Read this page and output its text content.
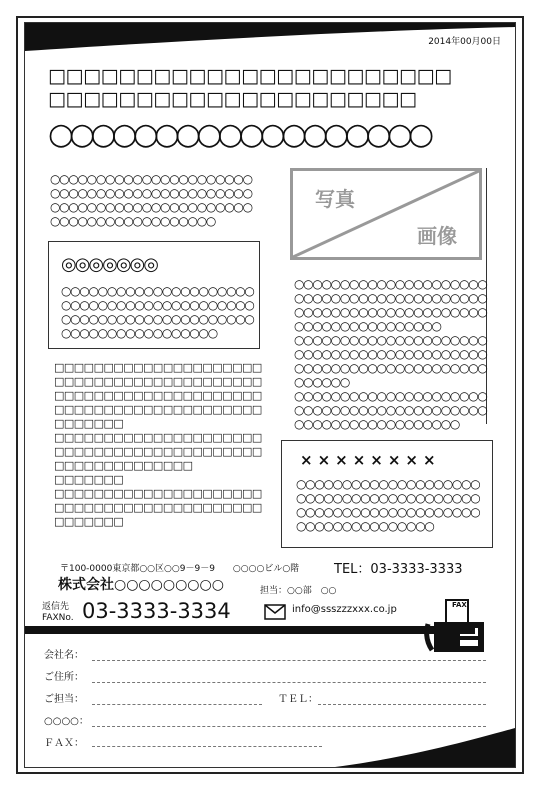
2014年00月00日
□□□□□□□□□□□□□□□□□□□□□□□
□□□□□□□□□□□□□□□□□□□□□
○○○○○○○○○○○○○○○○○○
○○○○○○○○○○○○○○○○○○○○○○
○○○○○○○○○○○○○○○○○○○○○○
○○○○○○○○○○○○○○○○○○○○○○
○○○○○○○○○○○○○○○○○○
◎◎◎◎◎◎◎
○○○○○○○○○○○○○○○○○○○○○
○○○○○○○○○○○○○○○○○○○○○
○○○○○○○○○○○○○○○○○○○○○
○○○○○○○○○○○○○○○○○
□□□□□□□□□□□□□□□□□□□□□
□□□□□□□□□□□□□□□□□□□□□
□□□□□□□□□□□□□□□□□□□□□
□□□□□□□□□□□□□□□□□□□□□
□□□□□□□
□□□□□□□□□□□□□□□□□□□□□
□□□□□□□□□□□□□□□□□□□□□
□□□□□□□□□□□□□□
□□□□□□□
□□□□□□□□□□□□□□□□□□□□□
□□□□□□□□□□□□□□□□□□□□□
□□□□□□□
写真
画像
○○○○○○○○○○○○○○○○○○○○○
○○○○○○○○○○○○○○○○○○○○○
○○○○○○○○○○○○○○○○○○○○○
○○○○○○○○○○○○○○○○
○○○○○○○○○○○○○○○○○○○○○
○○○○○○○○○○○○○○○○○○○○○
○○○○○○○○○○○○○○○○○○○○○
○○○○○○
○○○○○○○○○○○○○○○○○○○○○
○○○○○○○○○○○○○○○○○○○○○
○○○○○○○○○○○○○○○○○○
××××××××
○○○○○○○○○○○○○○○○○○○○
○○○○○○○○○○○○○○○○○○○○
○○○○○○○○○○○○○○○○○○○○
○○○○○○○○○○○○○○○
〒100-0000東京都○○区○○9－9－9　　○○○○ビル○階	TEL：03-3333-3333
株式会社○○○○○○○○○	担当：○○部　○○
返信先
FAXNo. 03-3333-3334	info@ssszzzxxx.co.jp	FAX
会社名：
ご住所：
ご担当：	ＴＥＬ：
○○○○：
ＦＡＸ：
